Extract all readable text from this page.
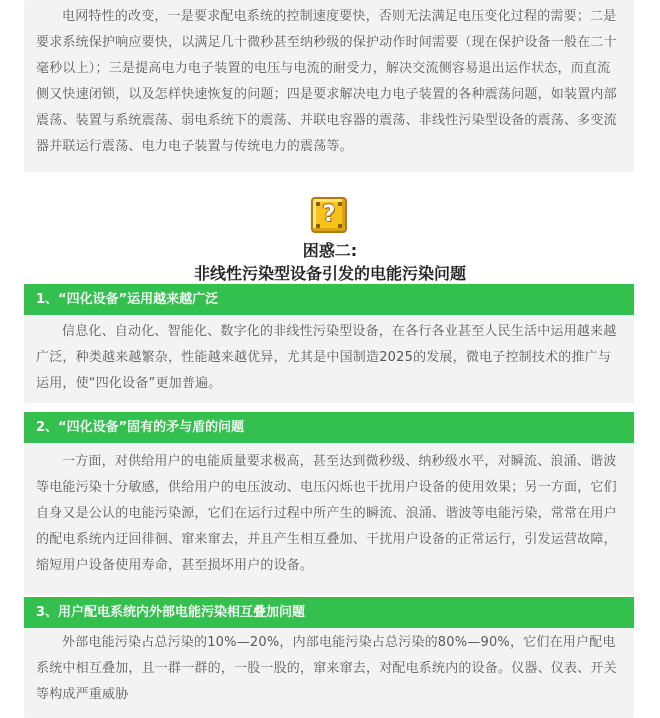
电网特性的改变，一是要求配电系统的控制速度要快，否则无法满足电压变化过程的需要；二是要求系统保护响应要快，以满足几十微秒甚至纳秒级的保护动作时间需要（现在保护设备一般在二十毫秒以上）；三是提高电力电子装置的电压与电流的耐受力，解决交流侧容易退出运作状态，而直流侧又快速闭锁，以及怎样快速恢复的问题；四是要求解决电力电子装置的各种震荡问题，如装置内部震荡、装置与系统震荡、弱电系统下的震荡、并联电容器的震荡、非线性污染型设备的震荡、多变流器并联运行震荡、电力电子装置与传统电力的震荡等。

?
困惑二:
非线性污染型设备引发的电能污染问题
1、“四化设备”运用越来越广泛

信息化、自动化、智能化、数字化的非线性污染型设备，在各行各业甚至人民生活中运用越来越广泛，种类越来越繁杂，性能越来越优异，尤其是中国制造2025的发展，微电子控制技术的推广与运用，使“四化设备”更加普遍。

2、“四化设备”固有的矛与盾的问题

一方面，对供给用户的电能质量要求极高，甚至达到微秒级、纳秒级水平，对瞬流、浪涌、谐波等电能污染十分敏感，供给用户的电压波动、电压闪烁也干扰用户设备的使用效果；另一方面，它们自身又是公认的电能污染源，它们在运行过程中所产生的瞬流、浪涌、谐波等电能污染，常常在用户的配电系统内迂回徘徊、窜来窜去，并且产生相互叠加、干扰用户设备的正常运行，引发运营故障，缩短用户设备使用寿命，甚至损坏用户的设备。

3、用户配电系统内外部电能污染相互叠加问题

外部电能污染占总污染的10%—20%，内部电能污染占总污染的80%—90%，它们在用户配电系统中相互叠加，且一群一群的，一股一股的，窜来窜去，对配电系统内的设备。仪器、仪表、开关等构成严重威胁
